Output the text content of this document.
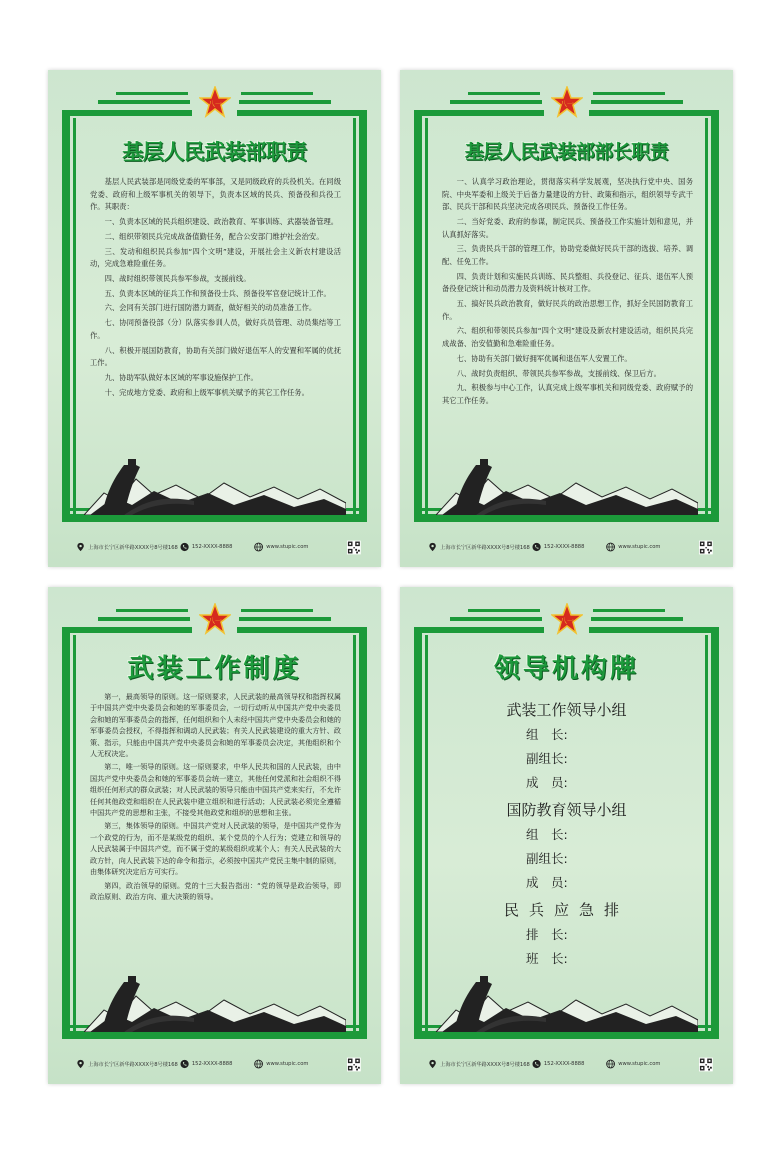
八一
基层人民武装部职责

基层人民武装部是同级党委的军事部，又是同级政府的兵役机关。在同级党委、政府和上级军事机关的领导下，负责本区域的民兵、预备役和兵役工作。其职责：

一、负责本区域的民兵组织建设、政治教育、军事训练、武器装备管理。

二、组织带领民兵完成战备值勤任务，配合公安部门维护社会治安。

三、发动和组织民兵参加“四个文明”建设，开展社会主义新农村建设活动，完成急难险重任务。

四、战时组织带领民兵参军参战，支援前线。

五、负责本区域的征兵工作和预备役士兵、预备役军官登记统计工作。

六、会同有关部门进行国防潜力调查，做好相关的动员准备工作。

七、协同预备役部（分）队落实参训人员，做好兵员管理、动员集结等工作。

八、积极开展国防教育，协助有关部门做好退伍军人的安置和军属的优抚工作。

九、协助军队做好本区域的军事设施保护工作。

十、完成地方党委、政府和上级军事机关赋予的其它工作任务。

上海市长宁区新华路XXXX号8号楼168	152-XXXX-8888	www.stupic.com
八一
基层人民武装部部长职责

一、认真学习政治理论，贯彻落实科学发展观，坚决执行党中央、国务院、中央军委和上级关于后备力量建设的方针、政策和指示，组织领导专武干部、民兵干部和民兵坚决完成各项民兵、预备役工作任务。

二、当好党委、政府的参谋，制定民兵、预备役工作实施计划和意见，并认真抓好落实。

三、负责民兵干部的管理工作，协助党委做好民兵干部的选拔、培养、调配、任免工作。

四、负责计划和实施民兵训练、民兵整组、兵役登记、征兵、退伍军人预备役登记统计和动员潜力及资料统计核对工作。

五、搞好民兵政治教育，做好民兵的政治思想工作，抓好全民国防教育工作。

六、组织和带领民兵参加“四个文明”建设及新农村建设活动，组织民兵完成战备、治安值勤和急难险重任务。

七、协助有关部门做好拥军优属和退伍军人安置工作。

八、战时负责组织、带领民兵参军参战，支援前线、保卫后方。

九、积极参与中心工作，认真完成上级军事机关和同级党委、政府赋予的其它工作任务。

上海市长宁区新华路XXXX号8号楼168	152-XXXX-8888	www.stupic.com
八一
武装工作制度

第一，最高领导的原则。这一原则要求，人民武装的最高领导权和指挥权属于中国共产党中央委员会和她的军事委员会，一切行动听从中国共产党中央委员会和她的军事委员会的指挥，任何组织和个人未经中国共产党中央委员会和她的军事委员会授权，不得指挥和调动人民武装；有关人民武装建设的重大方针、政策、指示，只能由中国共产党中央委员会和她的军事委员会决定，其他组织和个人无权决定。

第二，唯一领导的原则。这一原则要求，中华人民共和国的人民武装，由中国共产党中央委员会和她的军事委员会统一建立，其他任何党派和社会组织不得组织任何形式的群众武装；对人民武装的领导只能由中国共产党来实行，不允许任何其他政党和组织在人民武装中建立组织和进行活动；人民武装必须完全遵循中国共产党的思想和主张，不接受其他政党和组织的思想和主张。

第三，集体领导的原则。中国共产党对人民武装的领导，是中国共产党作为一个政党的行为，而不是某级党的组织、某个党员的个人行为；党建立和领导的人民武装属于中国共产党，而不属于党的某级组织或某个人；有关人民武装的大政方针，向人民武装下达的命令和指示，必须按中国共产党民主集中制的原则，由集体研究决定后方可实行。

第四，政治领导的原则。党的十三大报告指出：“党的领导是政治领导，即政治原则、政治方向、重大决策的领导。

上海市长宁区新华路XXXX号8号楼168	152-XXXX-8888	www.stupic.com
八一
领导机构牌
武装工作领导小组
组　长:
副组长:
成　员:
国防教育领导小组
组　长:
副组长:
成　员:
民兵应急排
排　长:
班　长:
上海市长宁区新华路XXXX号8号楼168	152-XXXX-8888	www.stupic.com
